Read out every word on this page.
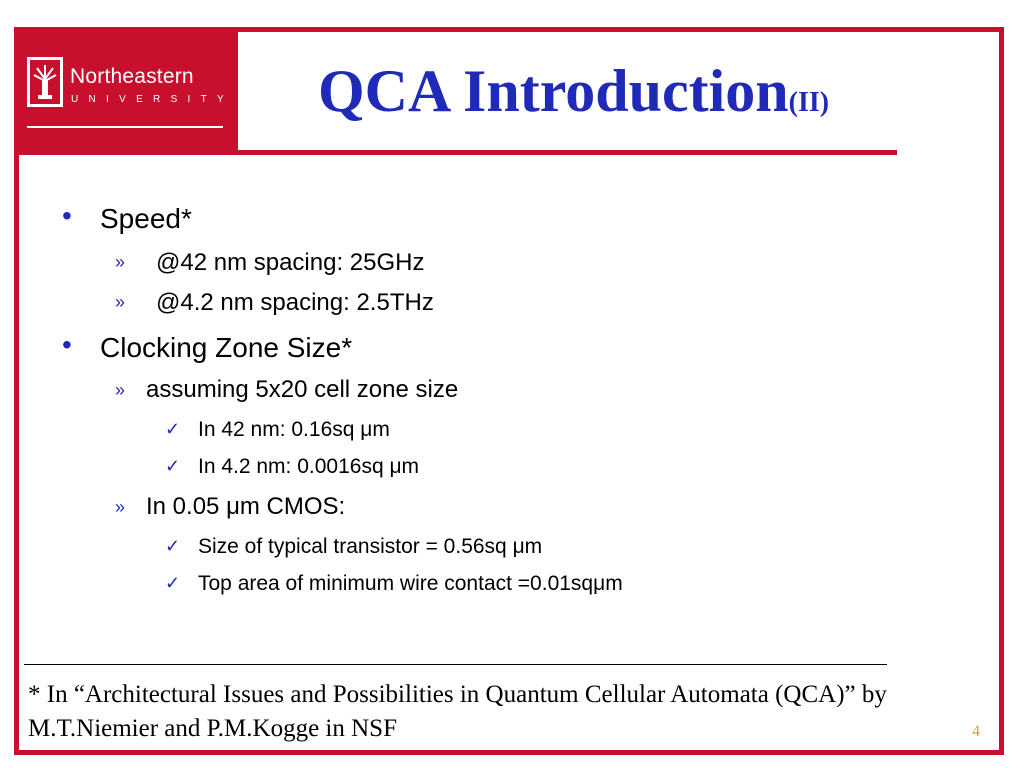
Northeastern
UNIVERSITY QCA Introduction(II)
• Speed*
» @42 nm spacing: 25GHz
» @4.2 nm spacing: 2.5THz
• Clocking Zone Size*
» assuming 5x20 cell zone size
✓ In 42 nm: 0.16sq μm
✓ In 4.2 nm: 0.0016sq μm
» In 0.05 μm CMOS:
✓ Size of typical transistor = 0.56sq μm
✓ Top area of minimum wire contact =0.01sqμm
* In “Architectural Issues and Possibilities in Quantum Cellular Automata (QCA)” by M.T.Niemier and P.M.Kogge in NSF	4
